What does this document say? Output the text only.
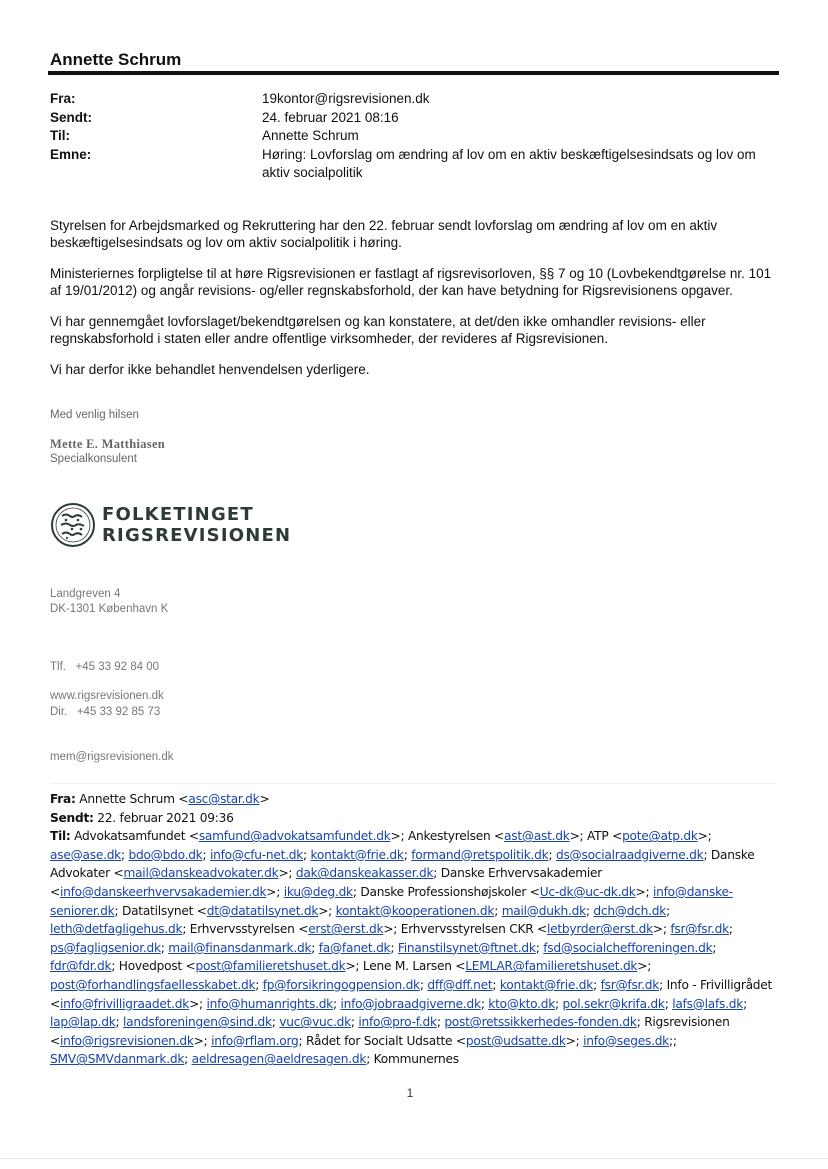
Annette Schrum
Fra:	19kontor@rigsrevisionen.dk
Sendt:	24. februar 2021 08:16
Til:	Annette Schrum
Emne:	Høring: Lovforslag om ændring af lov om en aktiv beskæftigelsesindsats og lov om aktiv socialpolitik

Styrelsen for Arbejdsmarked og Rekruttering har den 22. februar sendt lovforslag om ændring af lov om en aktiv beskæftigelsesindsats og lov om aktiv socialpolitik i høring.

Ministeriernes forpligtelse til at høre Rigsrevisionen er fastlagt af rigsrevisorloven, §§ 7 og 10 (Lovbekendtgørelse nr. 101 af 19/01/2012) og angår revisions- og/eller regnskabsforhold, der kan have betydning for Rigsrevisionens opgaver.

Vi har gennemgået lovforslaget/bekendtgørelsen og kan konstatere, at det/den ikke omhandler revisions- eller regnskabsforhold i staten eller andre offentlige virksomheder, der revideres af Rigsrevisionen.

Vi har derfor ikke behandlet henvendelsen yderligere.

Med venlig hilsen
Mette E. Matthiasen
Specialkonsulent
FOLKETINGET
RIGSREVISIONEN
Landgreven 4
DK-1301 København K

Tlf.   +45 33 92 84 00

Dir.   +45 33 92 85 73

mem@rigsrevisionen.dk

www.rigsrevisionen.dk
Fra: Annette Schrum <asc@star.dk>
Sendt: 22. februar 2021 09:36
Til: Advokatsamfundet <samfund@advokatsamfundet.dk>; Ankestyrelsen <ast@ast.dk>; ATP <pote@atp.dk>; ase@ase.dk; bdo@bdo.dk; info@cfu-net.dk; kontakt@frie.dk; formand@retspolitik.dk; ds@socialraadgiverne.dk; Danske Advokater <mail@danskeadvokater.dk>; dak@danskeakasser.dk; Danske Erhvervsakademier <info@danskeerhvervsakademier.dk>; iku@deg.dk; Danske Professionshøjskoler <Uc-dk@uc-dk.dk>; info@danske-seniorer.dk; Datatilsynet <dt@datatilsynet.dk>; kontakt@kooperationen.dk; mail@dukh.dk; dch@dch.dk; leth@detfagligehus.dk; Erhvervsstyrelsen <erst@erst.dk>; Erhvervsstyrelsen CKR <letbyrder@erst.dk>; fsr@fsr.dk; ps@fagligsenior.dk; mail@finansdanmark.dk; fa@fanet.dk; Finanstilsynet@ftnet.dk; fsd@socialchefforeningen.dk; fdr@fdr.dk; Hovedpost <post@familieretshuset.dk>; Lene M. Larsen <LEMLAR@familieretshuset.dk>; post@forhandlingsfaellesskabet.dk; fp@forsikringogpension.dk; dff@dff.net; kontakt@frie.dk; fsr@fsr.dk; Info - Frivilligrådet <info@frivilligraadet.dk>; info@humanrights.dk; info@jobraadgiverne.dk; kto@kto.dk; pol.sekr@krifa.dk; lafs@lafs.dk; lap@lap.dk; landsforeningen@sind.dk; vuc@vuc.dk; info@pro-f.dk; post@retssikkerhedes-fonden.dk; Rigsrevisionen <info@rigsrevisionen.dk>; info@rflam.org; Rådet for Socialt Udsatte <post@udsatte.dk>; info@seges.dk;; SMV@SMVdanmark.dk; aeldresagen@aeldresagen.dk; Kommunernes
1
